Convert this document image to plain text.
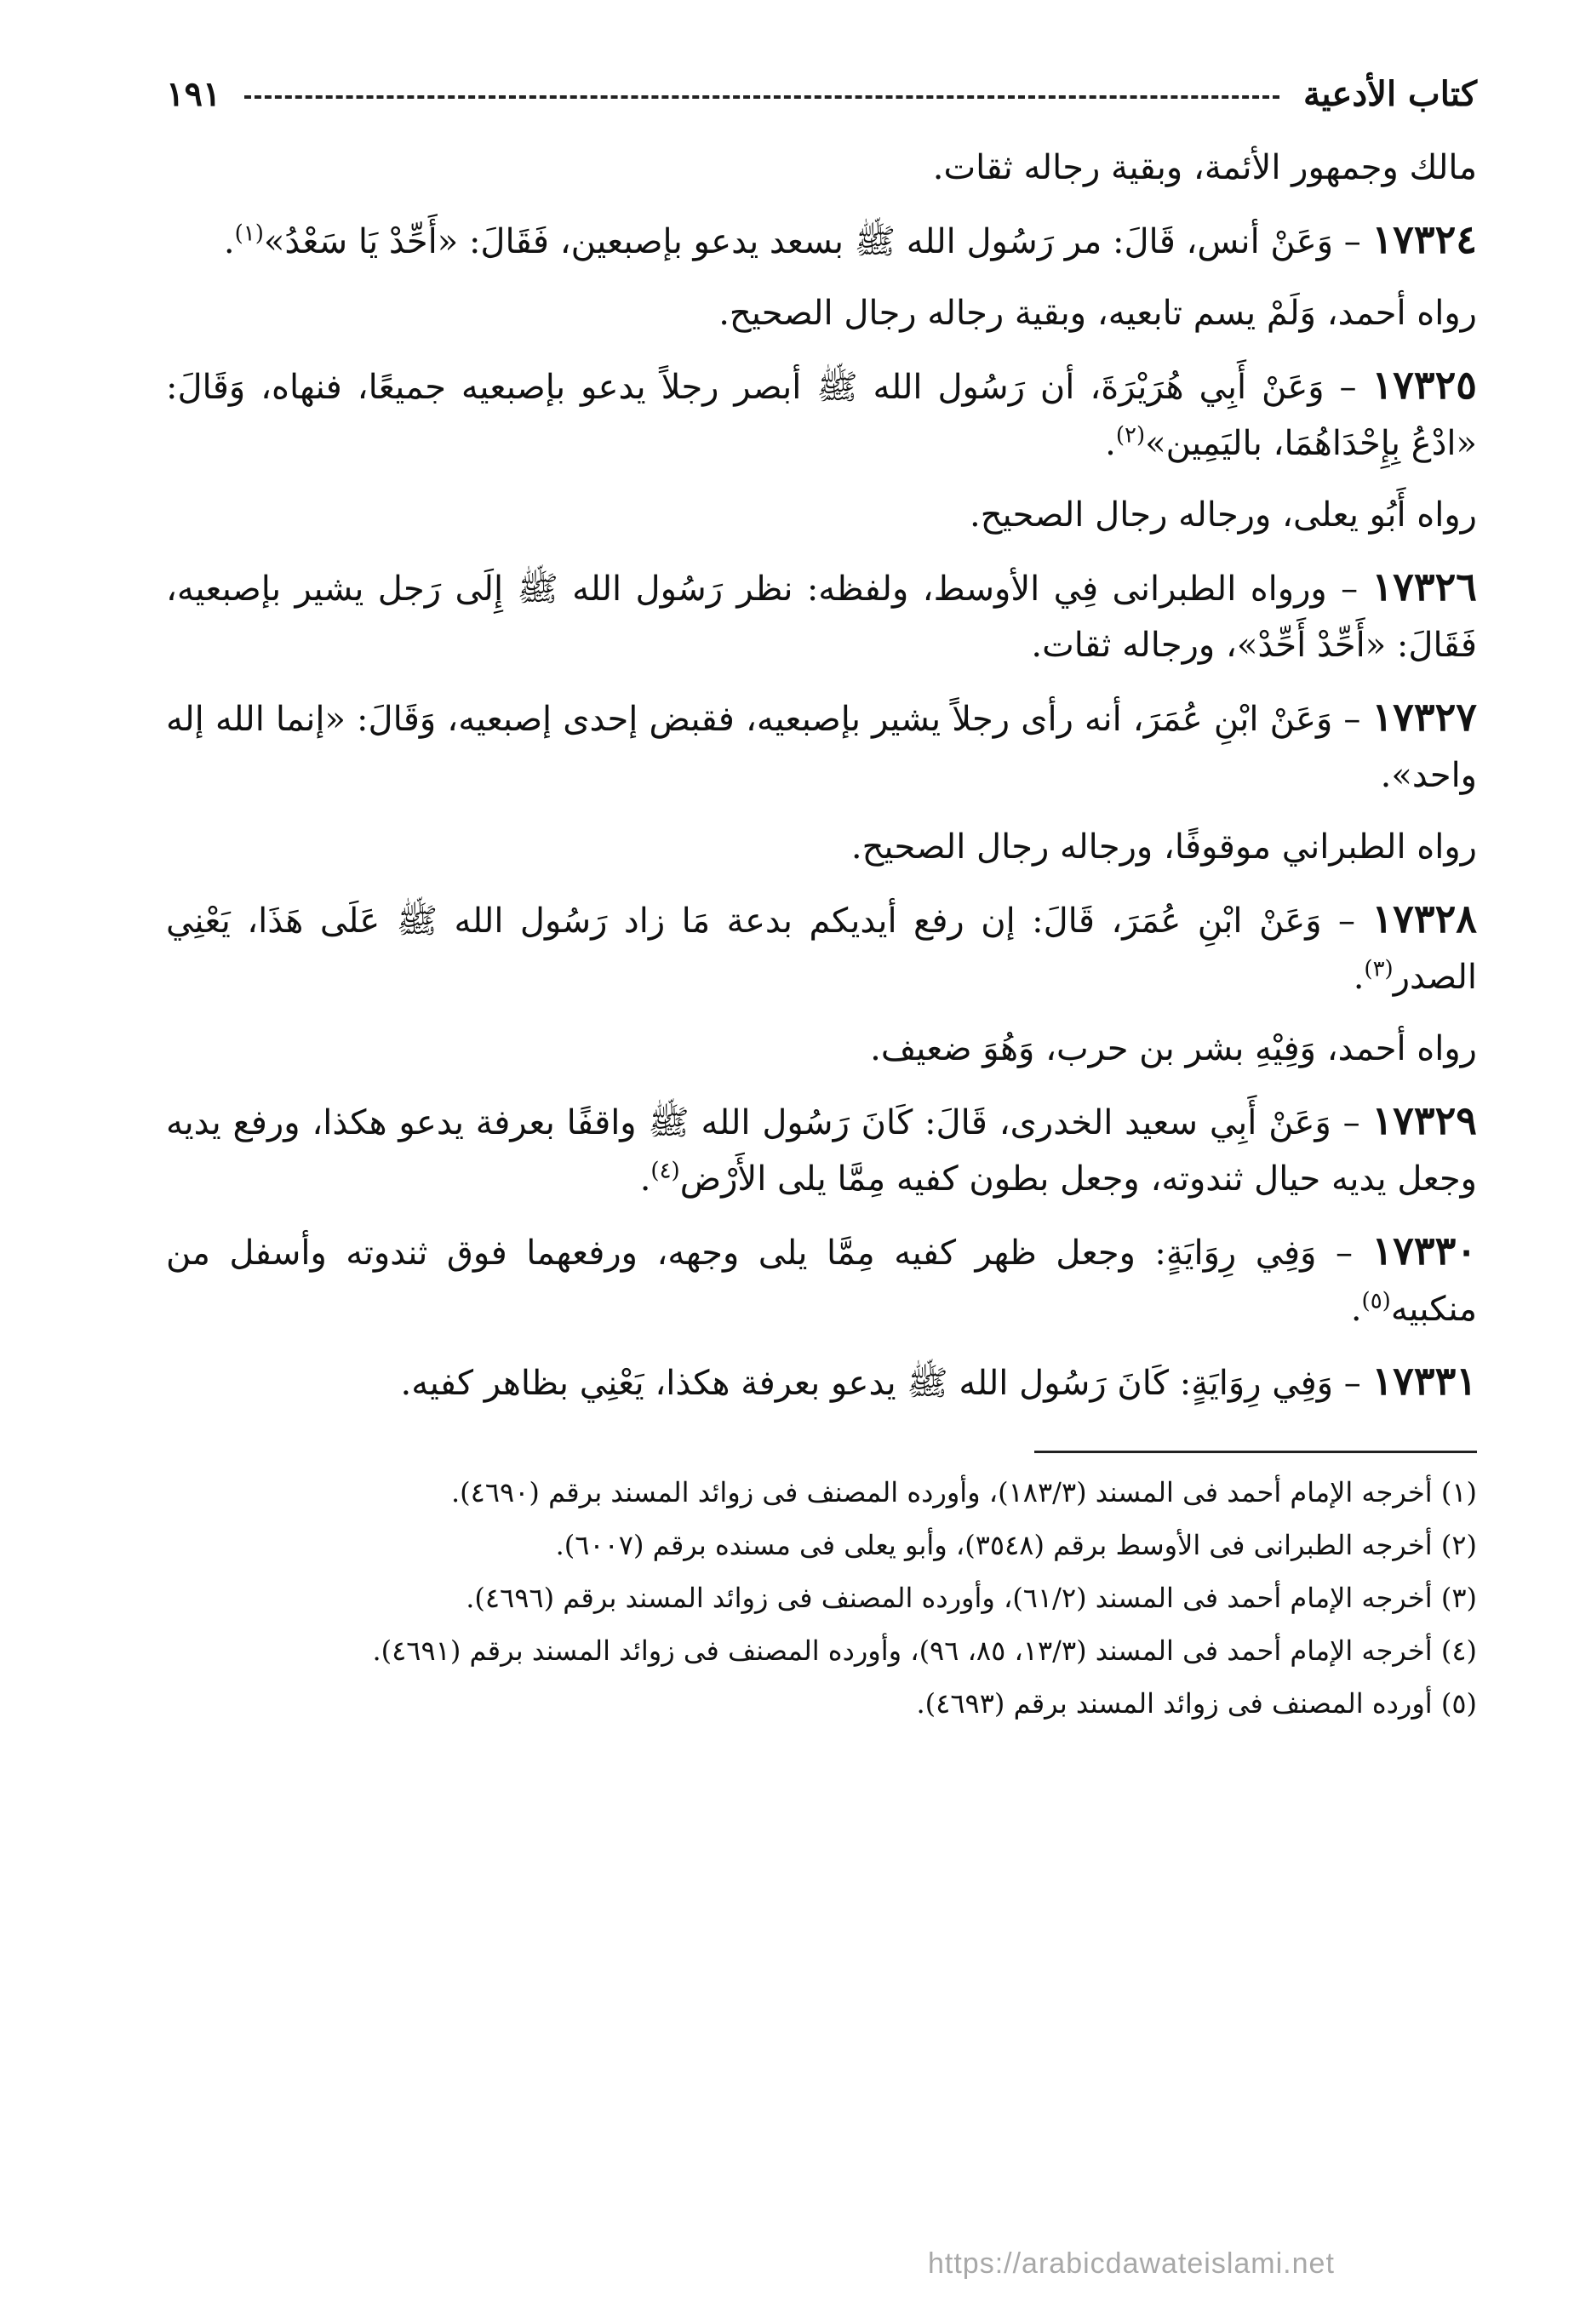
كتاب الأدعية
١٩١

مالك وجمهور الأئمة، وبقية رجاله ثقات.

١٧٣٢٤ – وَعَنْ أنس، قَالَ: مر رَسُول الله ﷺ بسعد يدعو بإصبعين، فَقَالَ: «أَحِّدْ يَا سَعْدُ»$^{(١)}$.

رواه أحمد، وَلَمْ يسم تابعيه، وبقية رجاله رجال الصحيح.

١٧٣٢٥ – وَعَنْ أَبِي هُرَيْرَةَ، أن رَسُول الله ﷺ أبصر رجلاً يدعو بإصبعيه جميعًا، فنهاه، وَقَالَ: «ادْعُ بِإِحْدَاهُمَا، باليَمِين»$^{(٢)}$.

رواه أَبُو يعلى، ورجاله رجال الصحيح.

١٧٣٢٦ – ورواه الطبرانى فِي الأوسط، ولفظه: نظر رَسُول الله ﷺ إِلَى رَجل يشير بإصبعيه، فَقَالَ: «أَحِّدْ أَحِّدْ»، ورجاله ثقات.

١٧٣٢٧ – وَعَنْ ابْنِ عُمَرَ، أنه رأى رجلاً يشير بإصبعيه، فقبض إحدى إصبعيه، وَقَالَ: «إنما الله إله واحد».

رواه الطبراني موقوفًا، ورجاله رجال الصحيح.

١٧٣٢٨ – وَعَنْ ابْنِ عُمَرَ، قَالَ: إن رفع أيديكم بدعة مَا زاد رَسُول الله ﷺ عَلَى هَذَا، يَعْنِي الصدر$^{(٣)}$.

رواه أحمد، وَفِيْهِ بشر بن حرب، وَهُوَ ضعيف.

١٧٣٢٩ – وَعَنْ أَبِي سعيد الخدرى، قَالَ: كَانَ رَسُول الله ﷺ واقفًا بعرفة يدعو هكذا، ورفع يديه وجعل يديه حيال ثندوته، وجعل بطون كفيه مِمَّا يلى الأَرْض$^{(٤)}$.

١٧٣٣٠ – وَفِي رِوَايَةٍ: وجعل ظهر كفيه مِمَّا يلى وجهه، ورفعهما فوق ثندوته وأسفل من منكبيه$^{(٥)}$.

١٧٣٣١ – وَفِي رِوَايَةٍ: كَانَ رَسُول الله ﷺ يدعو بعرفة هكذا، يَعْنِي بظاهر كفيه.

(١) أخرجه الإمام أحمد فى المسند (١٨٣/٣)، وأورده المصنف فى زوائد المسند برقم (٤٦٩٠).

(٢) أخرجه الطبرانى فى الأوسط برقم (٣٥٤٨)، وأبو يعلى فى مسنده برقم (٦٠٠٧).

(٣) أخرجه الإمام أحمد فى المسند (٦١/٢)، وأورده المصنف فى زوائد المسند برقم (٤٦٩٦).

(٤) أخرجه الإمام أحمد فى المسند (١٣/٣، ٨٥، ٩٦)، وأورده المصنف فى زوائد المسند برقم (٤٦٩١).

(٥) أورده المصنف فى زوائد المسند برقم (٤٦٩٣).

https://arabicdawateislami.net
